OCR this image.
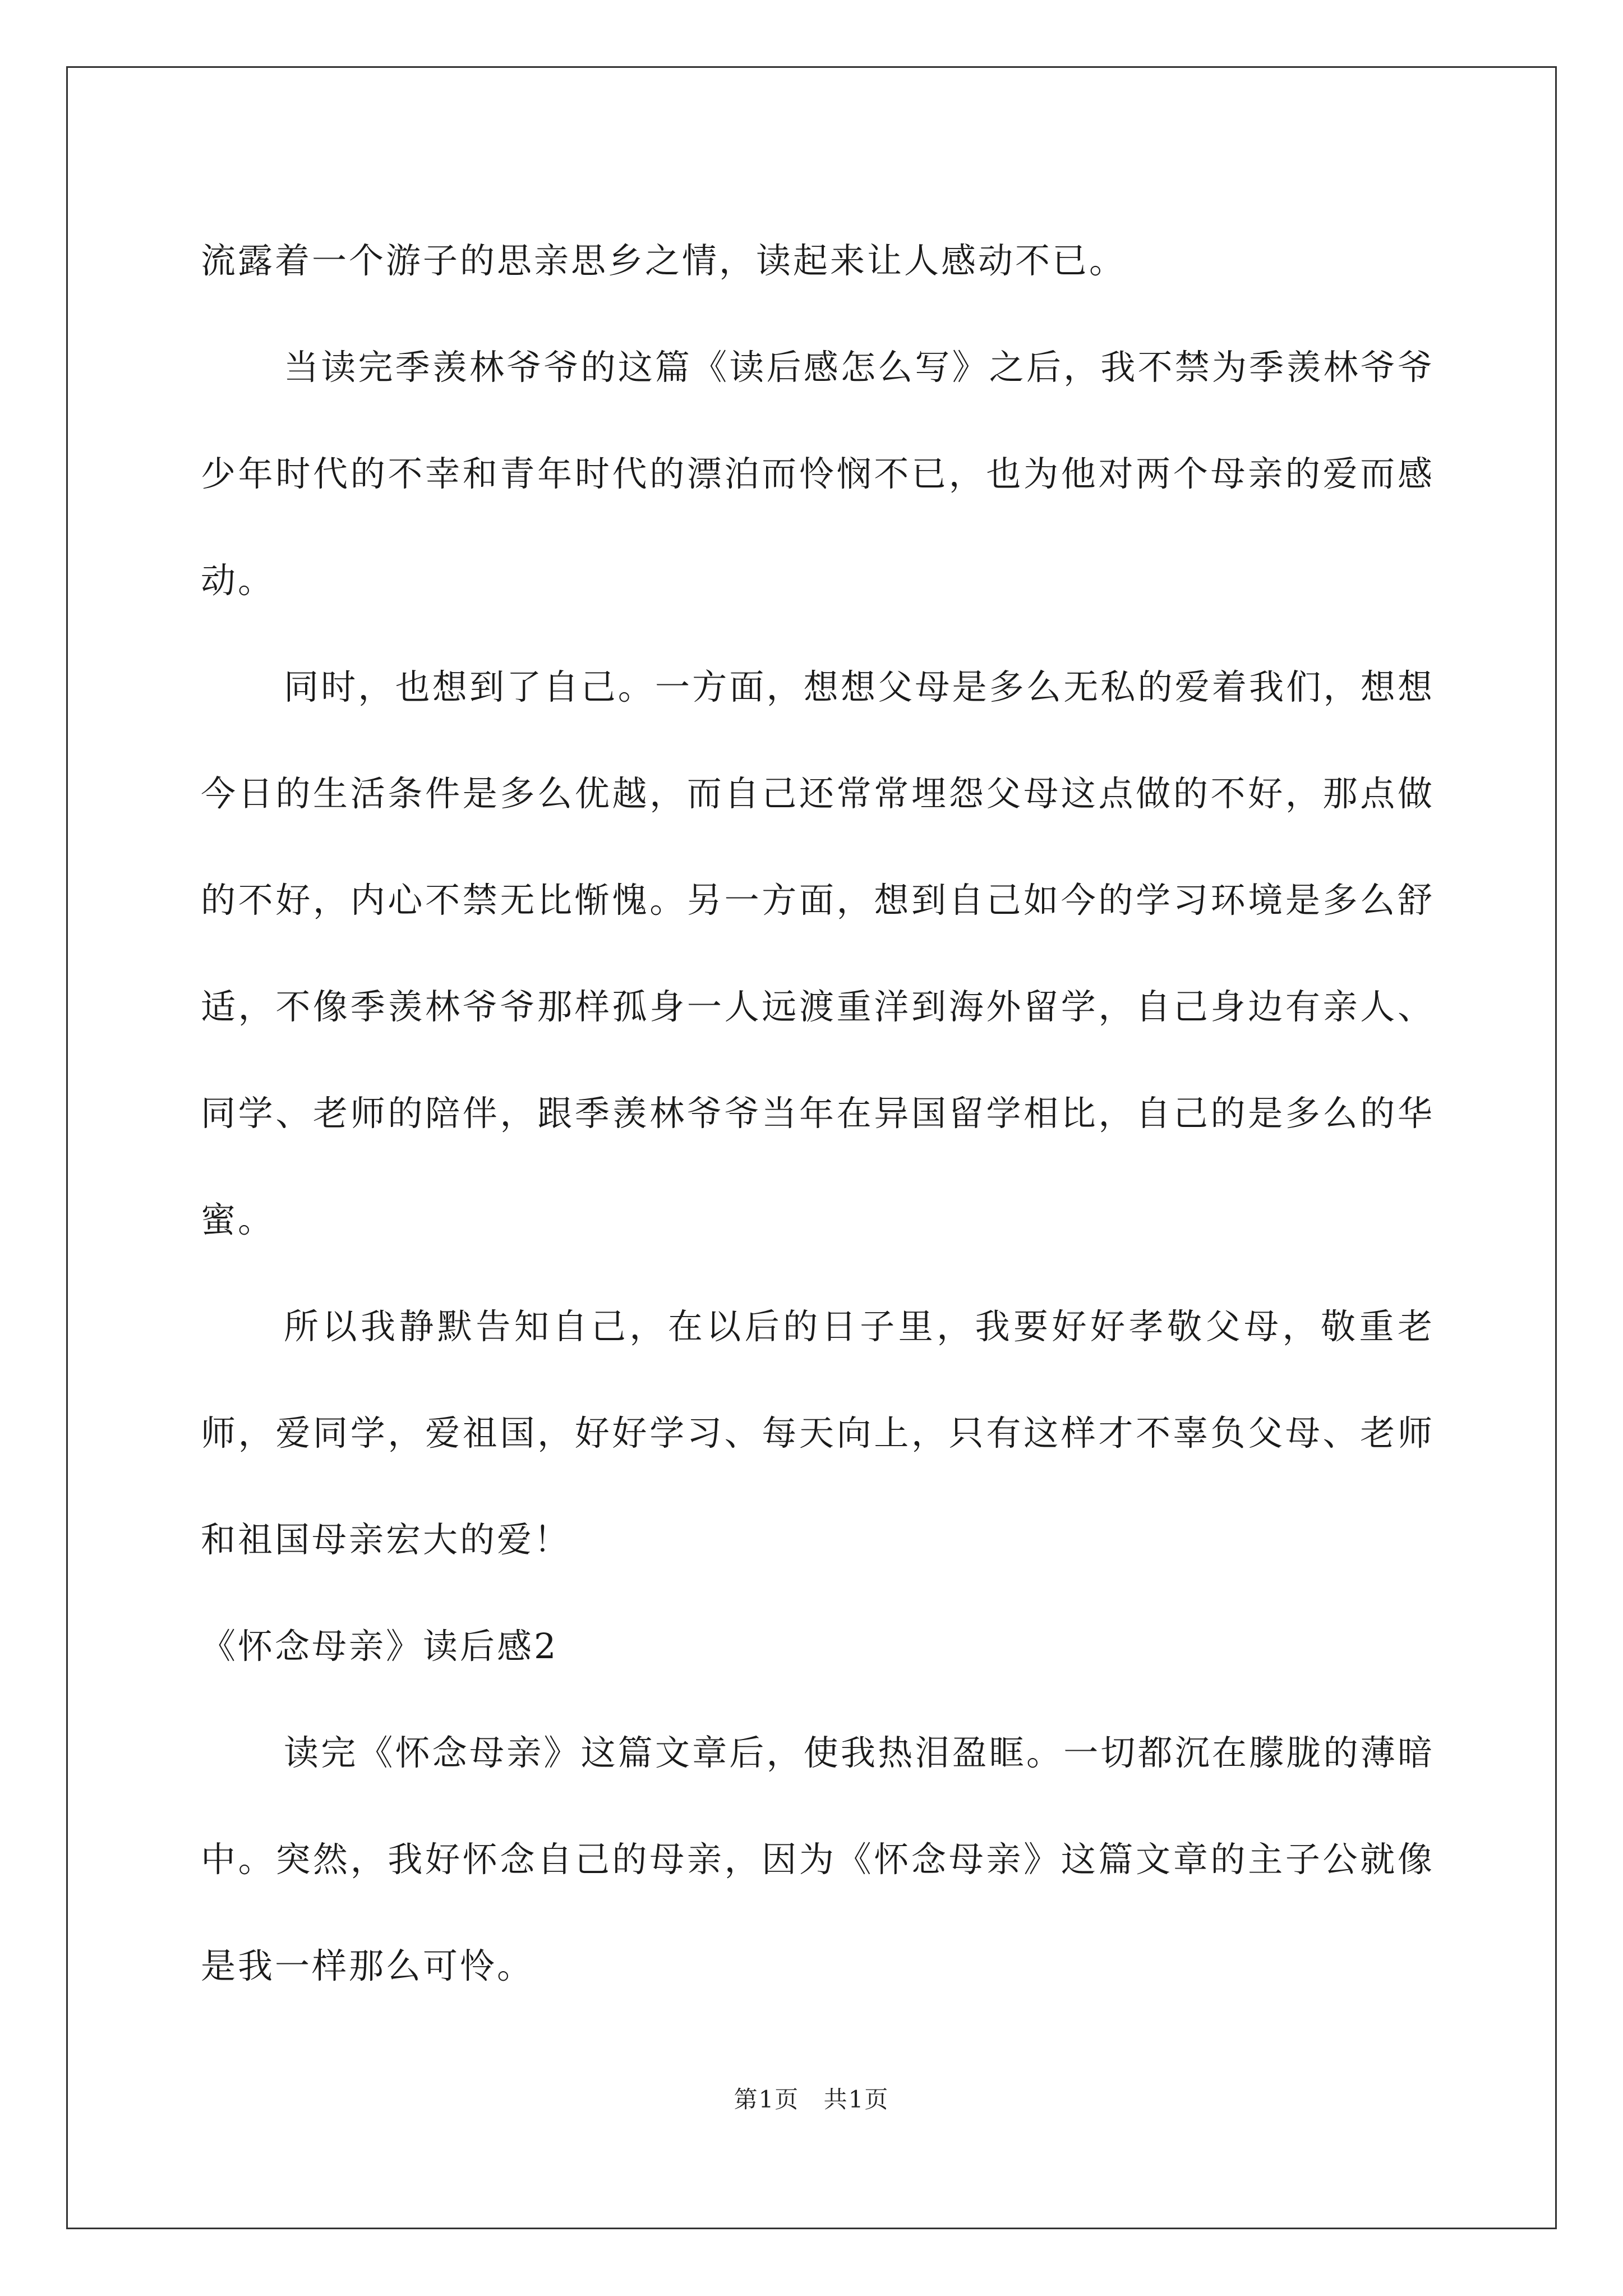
流露着一个游子的思亲思乡之情，读起来让人感动不已。

当读完季羡林爷爷的这篇《读后感怎么写》之后，我不禁为季羡林爷爷少年时代的不幸和青年时代的漂泊而怜悯不已，也为他对两个母亲的爱而感动。

同时，也想到了自己。一方面，想想父母是多么无私的爱着我们，想想今日的生活条件是多么优越，而自己还常常埋怨父母这点做的不好，那点做的不好，内心不禁无比惭愧。另一方面，想到自己如今的学习环境是多么舒适，不像季羡林爷爷那样孤身一人远渡重洋到海外留学，自己身边有亲人、同学、老师的陪伴，跟季羡林爷爷当年在异国留学相比，自己的是多么的华蜜。

所以我静默告知自己，在以后的日子里，我要好好孝敬父母，敬重老师，爱同学，爱祖国，好好学习、每天向上，只有这样才不辜负父母、老师和祖国母亲宏大的爱！

《怀念母亲》读后感2

读完《怀念母亲》这篇文章后，使我热泪盈眶。一切都沉在朦胧的薄暗中。突然，我好怀念自己的母亲，因为《怀念母亲》这篇文章的主子公就像是我一样那么可怜。

第1页 共1页
